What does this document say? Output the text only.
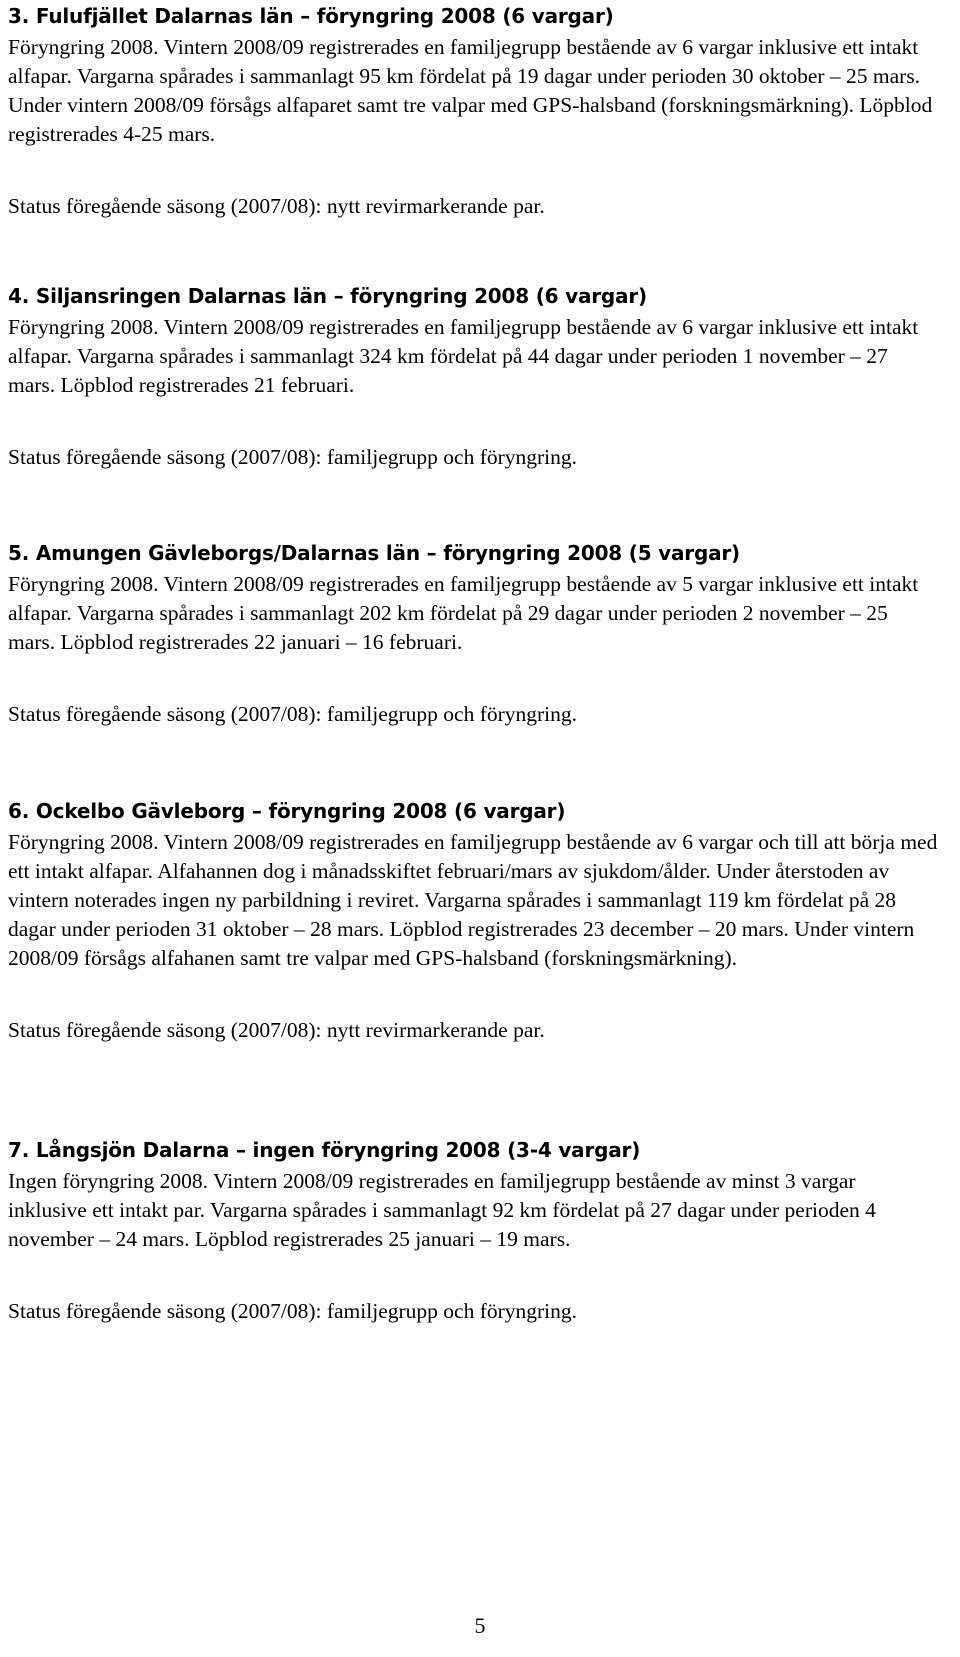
3. Fulufjället Dalarnas län – föryngring 2008 (6 vargar)

Föryngring 2008. Vintern 2008/09 registrerades en familjegrupp bestående av 6 vargar inklusive ett intakt alfapar. Vargarna spårades i sammanlagt 95 km fördelat på 19 dagar under perioden 30 oktober – 25 mars. Under vintern 2008/09 försågs alfaparet samt tre valpar med GPS-halsband (forskningsmärkning). Löpblod registrerades 4-25 mars.

Status föregående säsong (2007/08): nytt revirmarkerande par.

4. Siljansringen Dalarnas län – föryngring 2008 (6 vargar)

Föryngring 2008. Vintern 2008/09 registrerades en familjegrupp bestående av 6 vargar inklusive ett intakt alfapar. Vargarna spårades i sammanlagt 324 km fördelat på 44 dagar under perioden 1 november – 27 mars. Löpblod registrerades 21 februari.

Status föregående säsong (2007/08): familjegrupp och föryngring.

5. Amungen Gävleborgs/Dalarnas län – föryngring 2008 (5 vargar)

Föryngring 2008. Vintern 2008/09 registrerades en familjegrupp bestående av 5 vargar inklusive ett intakt alfapar. Vargarna spårades i sammanlagt 202 km fördelat på 29 dagar under perioden 2 november – 25 mars. Löpblod registrerades 22 januari – 16 februari.

Status föregående säsong (2007/08): familjegrupp och föryngring.

6. Ockelbo Gävleborg – föryngring 2008 (6 vargar)

Föryngring 2008. Vintern 2008/09 registrerades en familjegrupp bestående av 6 vargar och till att börja med ett intakt alfapar. Alfahannen dog i månadsskiftet februari/mars av sjukdom/ålder. Under återstoden av vintern noterades ingen ny parbildning i reviret. Vargarna spårades i sammanlagt 119 km fördelat på 28 dagar under perioden 31 oktober – 28 mars. Löpblod registrerades 23 december – 20 mars. Under vintern 2008/09 försågs alfahanen samt tre valpar med GPS-halsband (forskningsmärkning).

Status föregående säsong (2007/08): nytt revirmarkerande par.

7. Långsjön Dalarna – ingen föryngring 2008 (3-4 vargar)

Ingen föryngring 2008. Vintern 2008/09 registrerades en familjegrupp bestående av minst 3 vargar inklusive ett intakt par. Vargarna spårades i sammanlagt 92 km fördelat på 27 dagar under perioden 4 november – 24 mars. Löpblod registrerades 25 januari – 19 mars.

Status föregående säsong (2007/08): familjegrupp och föryngring.

5
